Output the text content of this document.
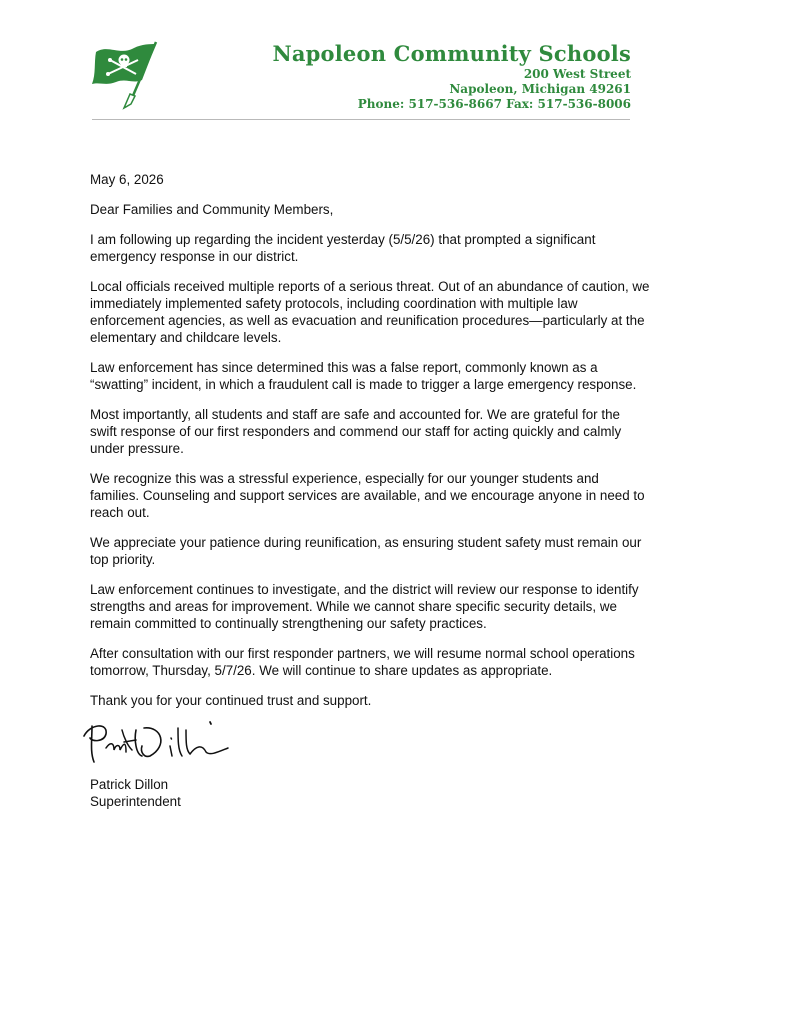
Napoleon Community Schools
200 West Street
Napoleon, Michigan 49261
Phone: 517-536-8667 Fax: 517-536-8006

May 6, 2026

Dear Families and Community Members,

I am following up regarding the incident yesterday (5/5/26) that prompted a significant emergency response in our district.

Local officials received multiple reports of a serious threat. Out of an abundance of caution, we immediately implemented safety protocols, including coordination with multiple law enforcement agencies, as well as evacuation and reunification procedures—particularly at the elementary and childcare levels.

Law enforcement has since determined this was a false report, commonly known as a “swatting” incident, in which a fraudulent call is made to trigger a large emergency response.

Most importantly, all students and staff are safe and accounted for. We are grateful for the swift response of our first responders and commend our staff for acting quickly and calmly under pressure.

We recognize this was a stressful experience, especially for our younger students and families. Counseling and support services are available, and we encourage anyone in need to reach out.

We appreciate your patience during reunification, as ensuring student safety must remain our top priority.

Law enforcement continues to investigate, and the district will review our response to identify strengths and areas for improvement. While we cannot share specific security details, we remain committed to continually strengthening our safety practices.

After consultation with our first responder partners, we will resume normal school operations tomorrow, Thursday, 5/7/26. We will continue to share updates as appropriate.

Thank you for your continued trust and support.

Patrick Dillon
Superintendent
